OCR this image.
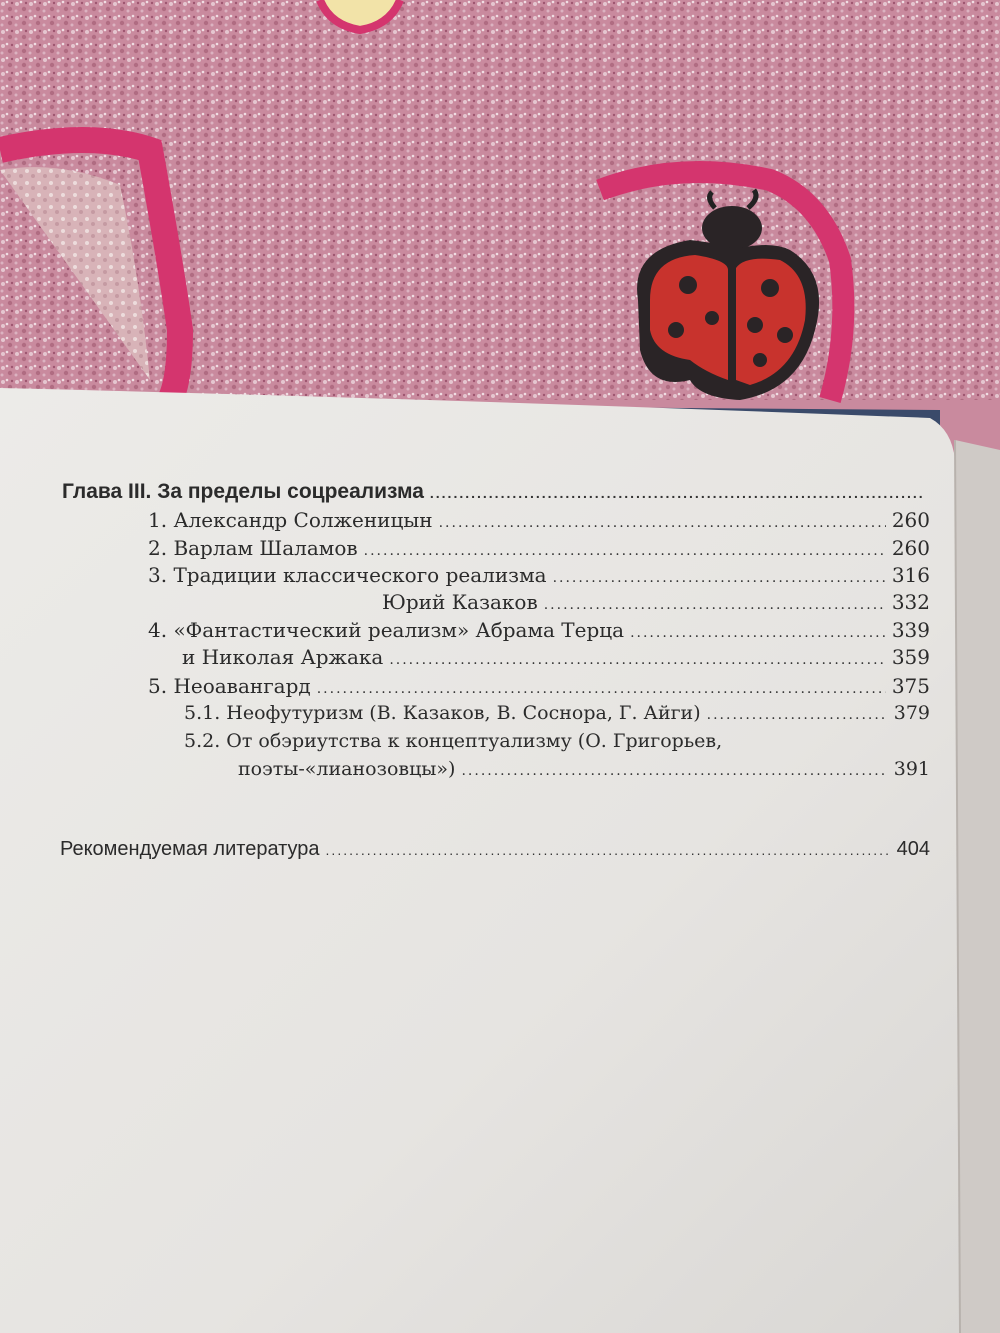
Глава III. За пределы соцреализма
.....
1. Александр Солженицын .....	260
2. Варлам Шаламов .....	260
3. Традиции классического реализма .....	316
Юрий Казаков .....	332
4. «Фантастический реализм» Абрама Терца .....	339
и Николая Аржака .....	359
5. Неоавангард .....	375
5.1. Неофутуризм (В. Казаков, В. Соснора, Г. Айги) .....	379
5.2. От обэриутства к концептуализму (О. Григорьев,
поэты-«лианозовцы») .....	391
Рекомендуемая литература .....	404
